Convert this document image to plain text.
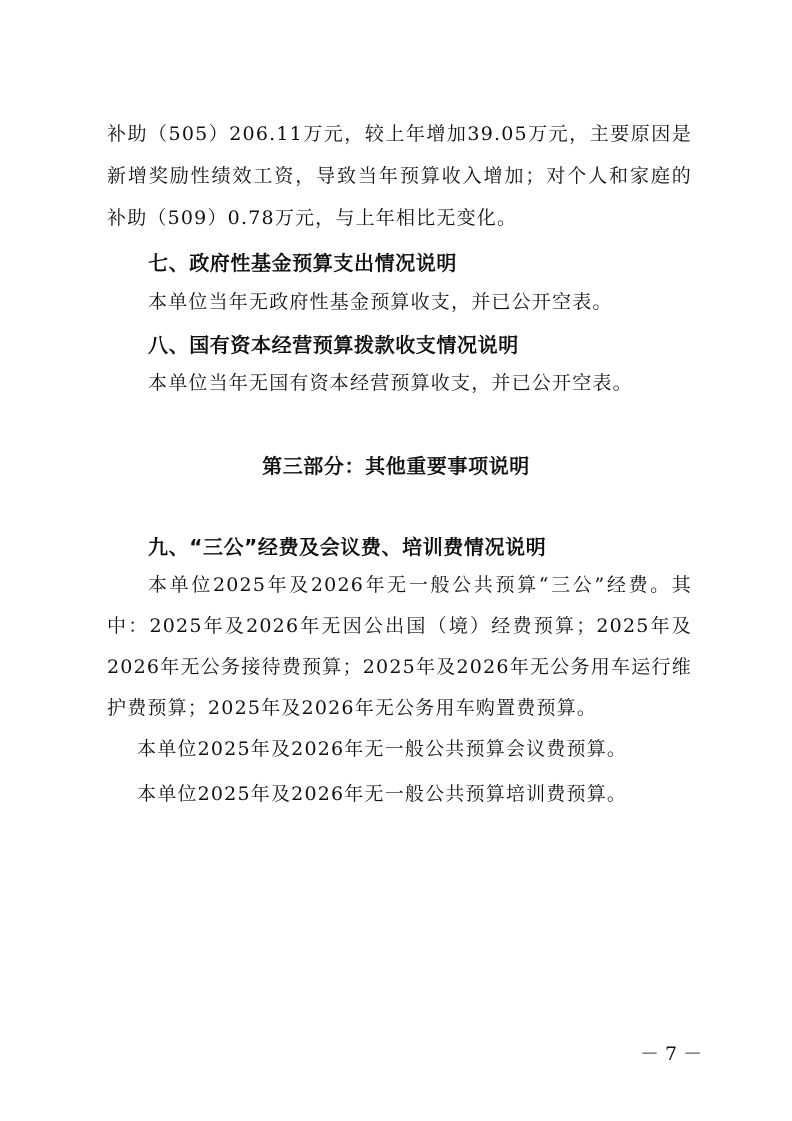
补助（505）206.11万元，较上年增加39.05万元，主要原因是
新增奖励性绩效工资，导致当年预算收入增加；对个人和家庭的
补助（509）0.78万元，与上年相比无变化。
七、政府性基金预算支出情况说明
本单位当年无政府性基金预算收支，并已公开空表。
八、国有资本经营预算拨款收支情况说明
本单位当年无国有资本经营预算收支，并已公开空表。
第三部分：其他重要事项说明
九、“三公”经费及会议费、培训费情况说明
本单位2025年及2026年无一般公共预算“三公”经费。其
中：2025年及2026年无因公出国（境）经费预算；2025年及
2026年无公务接待费预算；2025年及2026年无公务用车运行维
护费预算；2025年及2026年无公务用车购置费预算。
本单位2025年及2026年无一般公共预算会议费预算。
本单位2025年及2026年无一般公共预算培训费预算。
－ 7 －
